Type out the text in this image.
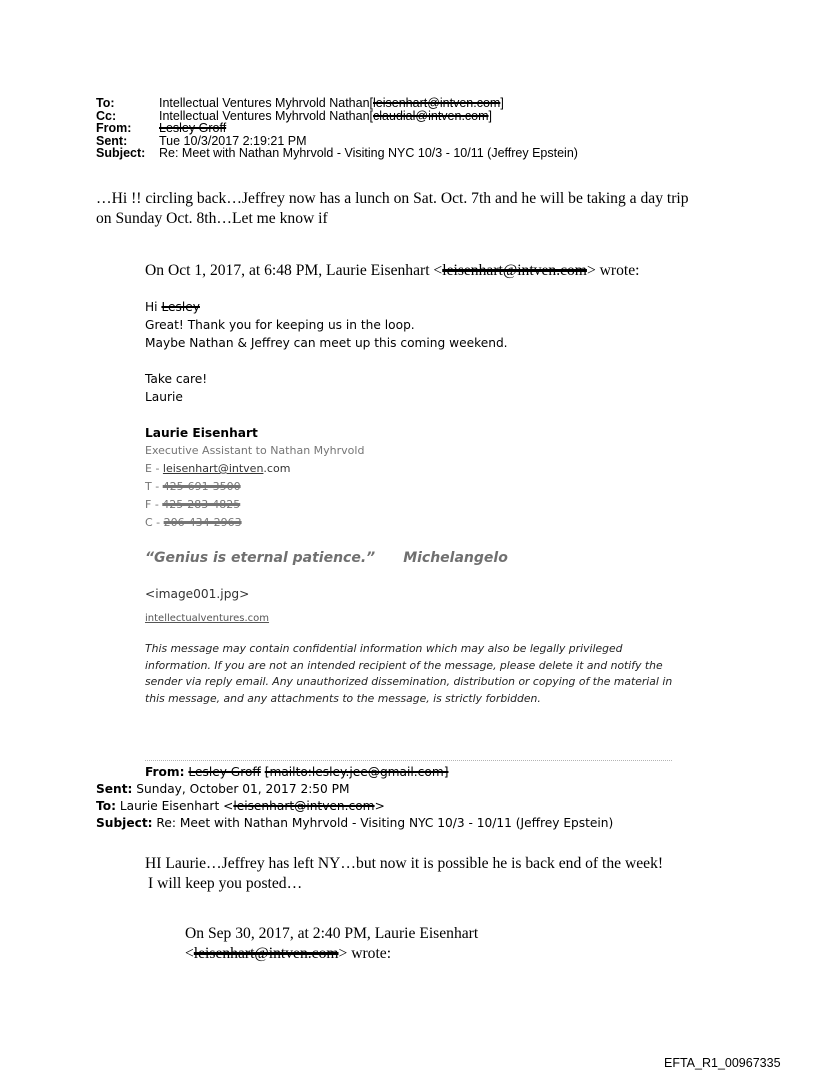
To:	Intellectual Ventures Myhrvold Nathan[leisenhart@intven.com]
Cc:	Intellectual Ventures Myhrvold Nathan[claudial@intven.com]
From: Lesley Groff
Sent:	Tue 10/3/2017 2:19:21 PM
Subject: Re: Meet with Nathan Myhrvold - Visiting NYC 10/3 - 10/11 (Jeffrey Epstein)
…Hi !! circling back…Jeffrey now has a lunch on Sat. Oct. 7th and he will be taking a day trip
on Sunday Oct. 8th…Let me know if
On Oct 1, 2017, at 6:48 PM, Laurie Eisenhart <leisenhart@intven.com> wrote:
Hi Lesley
Great! Thank you for keeping us in the loop.
Maybe Nathan & Jeffrey can meet up this coming weekend.
Take care!
Laurie
Laurie Eisenhart
Executive Assistant to Nathan Myhrvold
E - leisenhart@intven.com
T - 425-691-3500
F - 425-283-4825
C - 206-434-2963
“Genius is eternal patience.” Michelangelo
<image001.jpg>
intellectualventures.com
This message may contain confidential information which may also be legally privileged information. If you are not an intended recipient of the message, please delete it and notify the sender via reply email. Any unauthorized dissemination, distribution or copying of the material in this message, and any attachments to the message, is strictly forbidden.
From: Lesley Groff [mailto:lesley.jee@gmail.com]
Sent: Sunday, October 01, 2017 2:50 PM
To: Laurie Eisenhart <leisenhart@intven.com>
Subject: Re: Meet with Nathan Myhrvold - Visiting NYC 10/3 - 10/11 (Jeffrey Epstein)
HI Laurie…Jeffrey has left NY…but now it is possible he is back end of the week!
I will keep you posted…
On Sep 30, 2017, at 2:40 PM, Laurie Eisenhart
<leisenhart@intven.com> wrote:
EFTA_R1_00967335
